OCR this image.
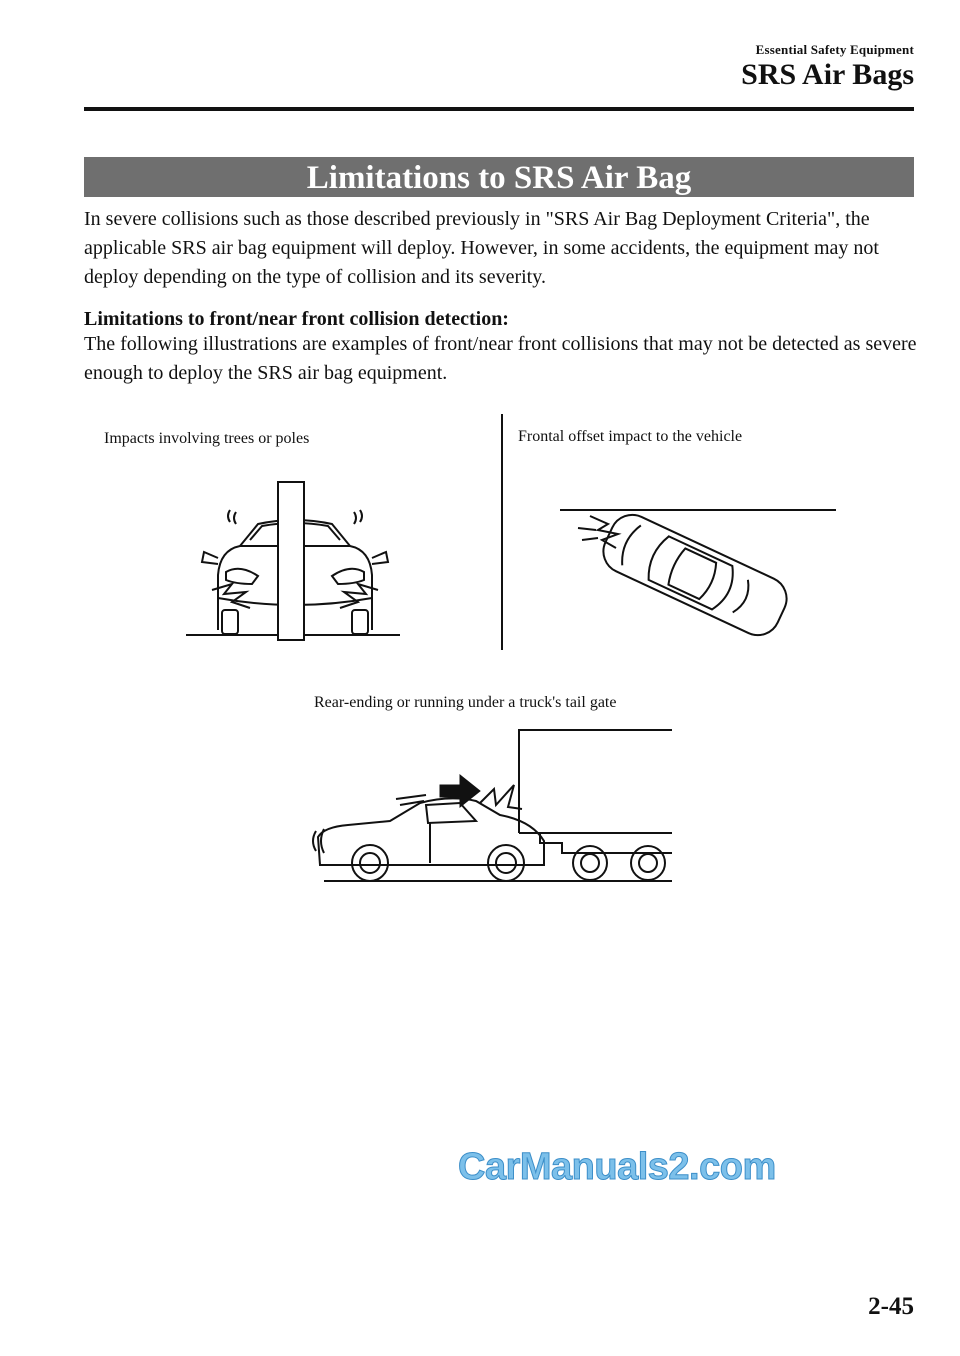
Essential Safety Equipment
SRS Air Bags
Limitations to SRS Air Bag

In severe collisions such as those described previously in "SRS Air Bag Deployment Criteria", the applicable SRS air bag equipment will deploy. However, in some accidents, the equipment may not deploy depending on the type of collision and its severity.

Limitations to front/near front collision detection:

The following illustrations are examples of front/near front collisions that may not be detected as severe enough to deploy the SRS air bag equipment.

Impacts involving trees or poles	Frontal offset impact to the vehicle
Rear-ending or running under a truck's tail gate
CarManuals2.com
2-45
